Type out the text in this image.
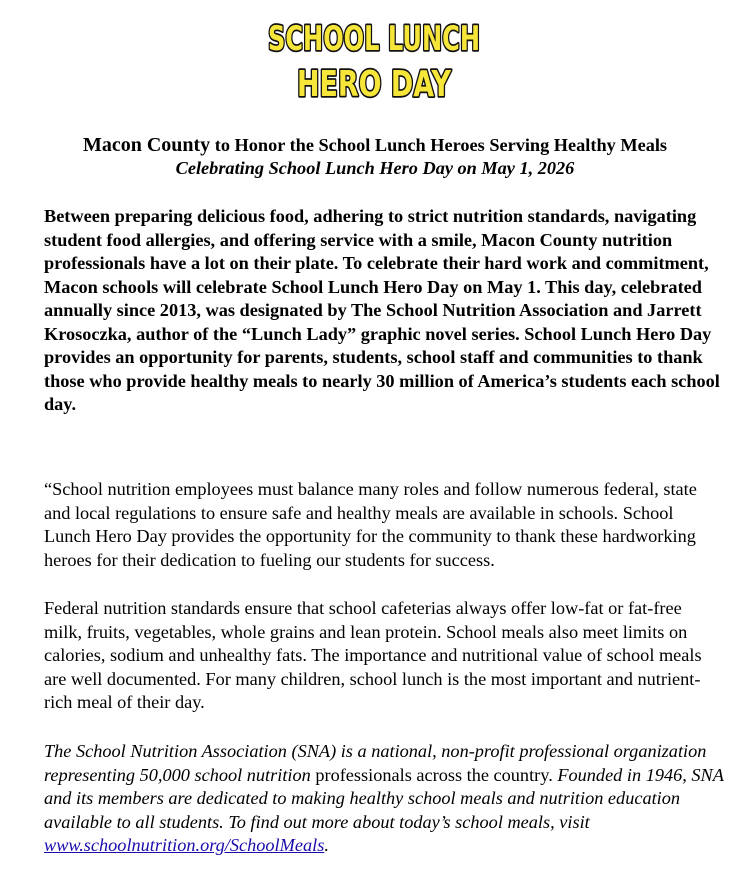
SCHOOL LUNCH
HERO DAY
Macon County to Honor the School Lunch Heroes Serving Healthy Meals
Celebrating School Lunch Hero Day on May 1, 2026

Between preparing delicious food, adhering to strict nutrition standards, navigating student food allergies, and offering service with a smile, Macon County nutrition professionals have a lot on their plate. To celebrate their hard work and commitment, Macon schools will celebrate School Lunch Hero Day on May 1. This day, celebrated annually since 2013, was designated by The School Nutrition Association and Jarrett Krosoczka, author of the “Lunch Lady” graphic novel series. School Lunch Hero Day provides an opportunity for parents, students, school staff and communities to thank those who provide healthy meals to nearly 30 million of America’s students each school day.

“School nutrition employees must balance many roles and follow numerous federal, state and local regulations to ensure safe and healthy meals are available in schools. School Lunch Hero Day provides the opportunity for the community to thank these hardworking heroes for their dedication to fueling our students for success.

Federal nutrition standards ensure that school cafeterias always offer low-fat or fat-free milk, fruits, vegetables, whole grains and lean protein. School meals also meet limits on calories, sodium and unhealthy fats. The importance and nutritional value of school meals are well documented. For many children, school lunch is the most important and nutrient-rich meal of their day.

The School Nutrition Association (SNA) is a national, non-profit professional organization representing 50,000 school nutrition professionals across the country. Founded in 1946, SNA and its members are dedicated to making healthy school meals and nutrition education available to all students. To find out more about today’s school meals, visit www.schoolnutrition.org/SchoolMeals.
